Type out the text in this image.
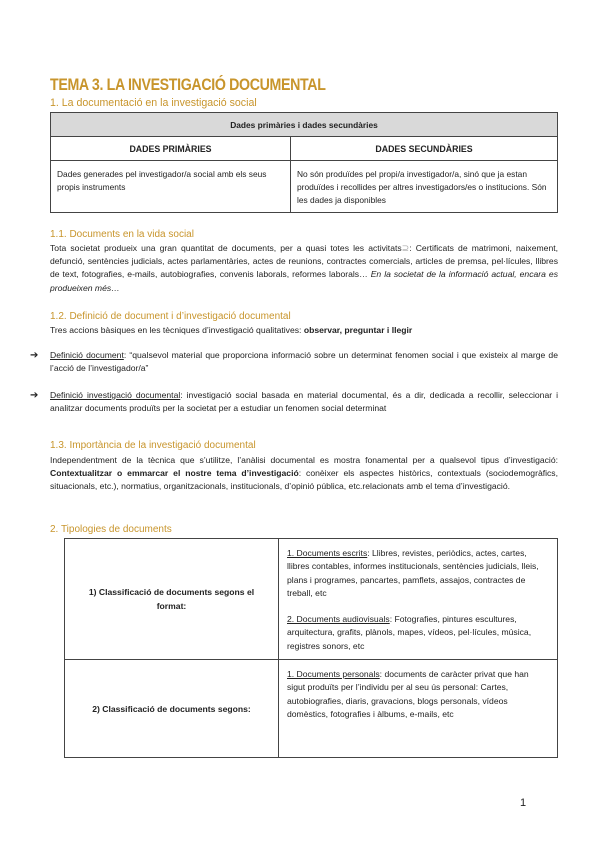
TEMA 3. LA INVESTIGACIÓ DOCUMENTAL
1. La documentació en la investigació social
Dades primàries i dades secundàries	
DADES PRIMÀRIES	DADES SECUNDÀRIES
Dades generades pel investigador/a social amb els seus propis instruments	No són produïdes pel propi/a investigador/a, sinó que ja estan produïdes i recollides per altres investigadors/es o institucions. Són les dades ja disponibles
1.1. Documents en la vida social
Tota societat produeix una gran quantitat de documents, per a quasi totes les activitats⊇: Certificats de matrimoni, naixement, defunció, sentències judicials, actes parlamentàries, actes de reunions, contractes comercials, articles de premsa, pel·lícules, llibres de text, fotografies, e-mails, autobiografies, convenis laborals, reformes laborals… En la societat de la informació actual, encara es produeixen més…
1.2. Definició de document i d’investigació documental
Tres accions bàsiques en les tècniques d’investigació qualitatives: observar, preguntar i llegir
➔ Definició document: “qualsevol material que proporciona informació sobre un determinat fenomen social i que existeix al marge de l’acció de l’investigador/a”
➔ Definició investigació documental: investigació social basada en material documental, és a dir, dedicada a recollir, seleccionar i analitzar documents produïts per la societat per a estudiar un fenomen social determinat
1.3. Importància de la investigació documental
Independentment de la tècnica que s’utilitze, l’anàlisi documental es mostra fonamental per a qualsevol tipus d’investigació: Contextualitzar o emmarcar el nostre tema d’investigació: conèixer els aspectes històrics, contextuals (sociodemogràfics, situacionals, etc.), normatius, organitzacionals, institucionals, d’opinió pública, etc.relacionats amb el tema d’investigació.
2. Tipologies de documents
1) Classificació de documents segons el format:	1. Documents escrits: Llibres, revistes, periòdics, actes, cartes, llibres contables, informes institucionals, sentències judicials, lleis, plans i programes, pancartes, pamflets, assajos, contractes de treball, etc
2. Documents audiovisuals: Fotografies, pintures escultures, arquitectura, grafits, plànols, mapes, vídeos, pel·lícules, música, registres sonors, etc

2) Classificació de documents segons:	1. Documents personals: documents de caràcter privat que han sigut produïts per l’individu per al seu ús personal: Cartes, autobiografies, diaris, gravacions, blogs personals, vídeos domèstics, fotografies i àlbums, e-mails, etc
1
